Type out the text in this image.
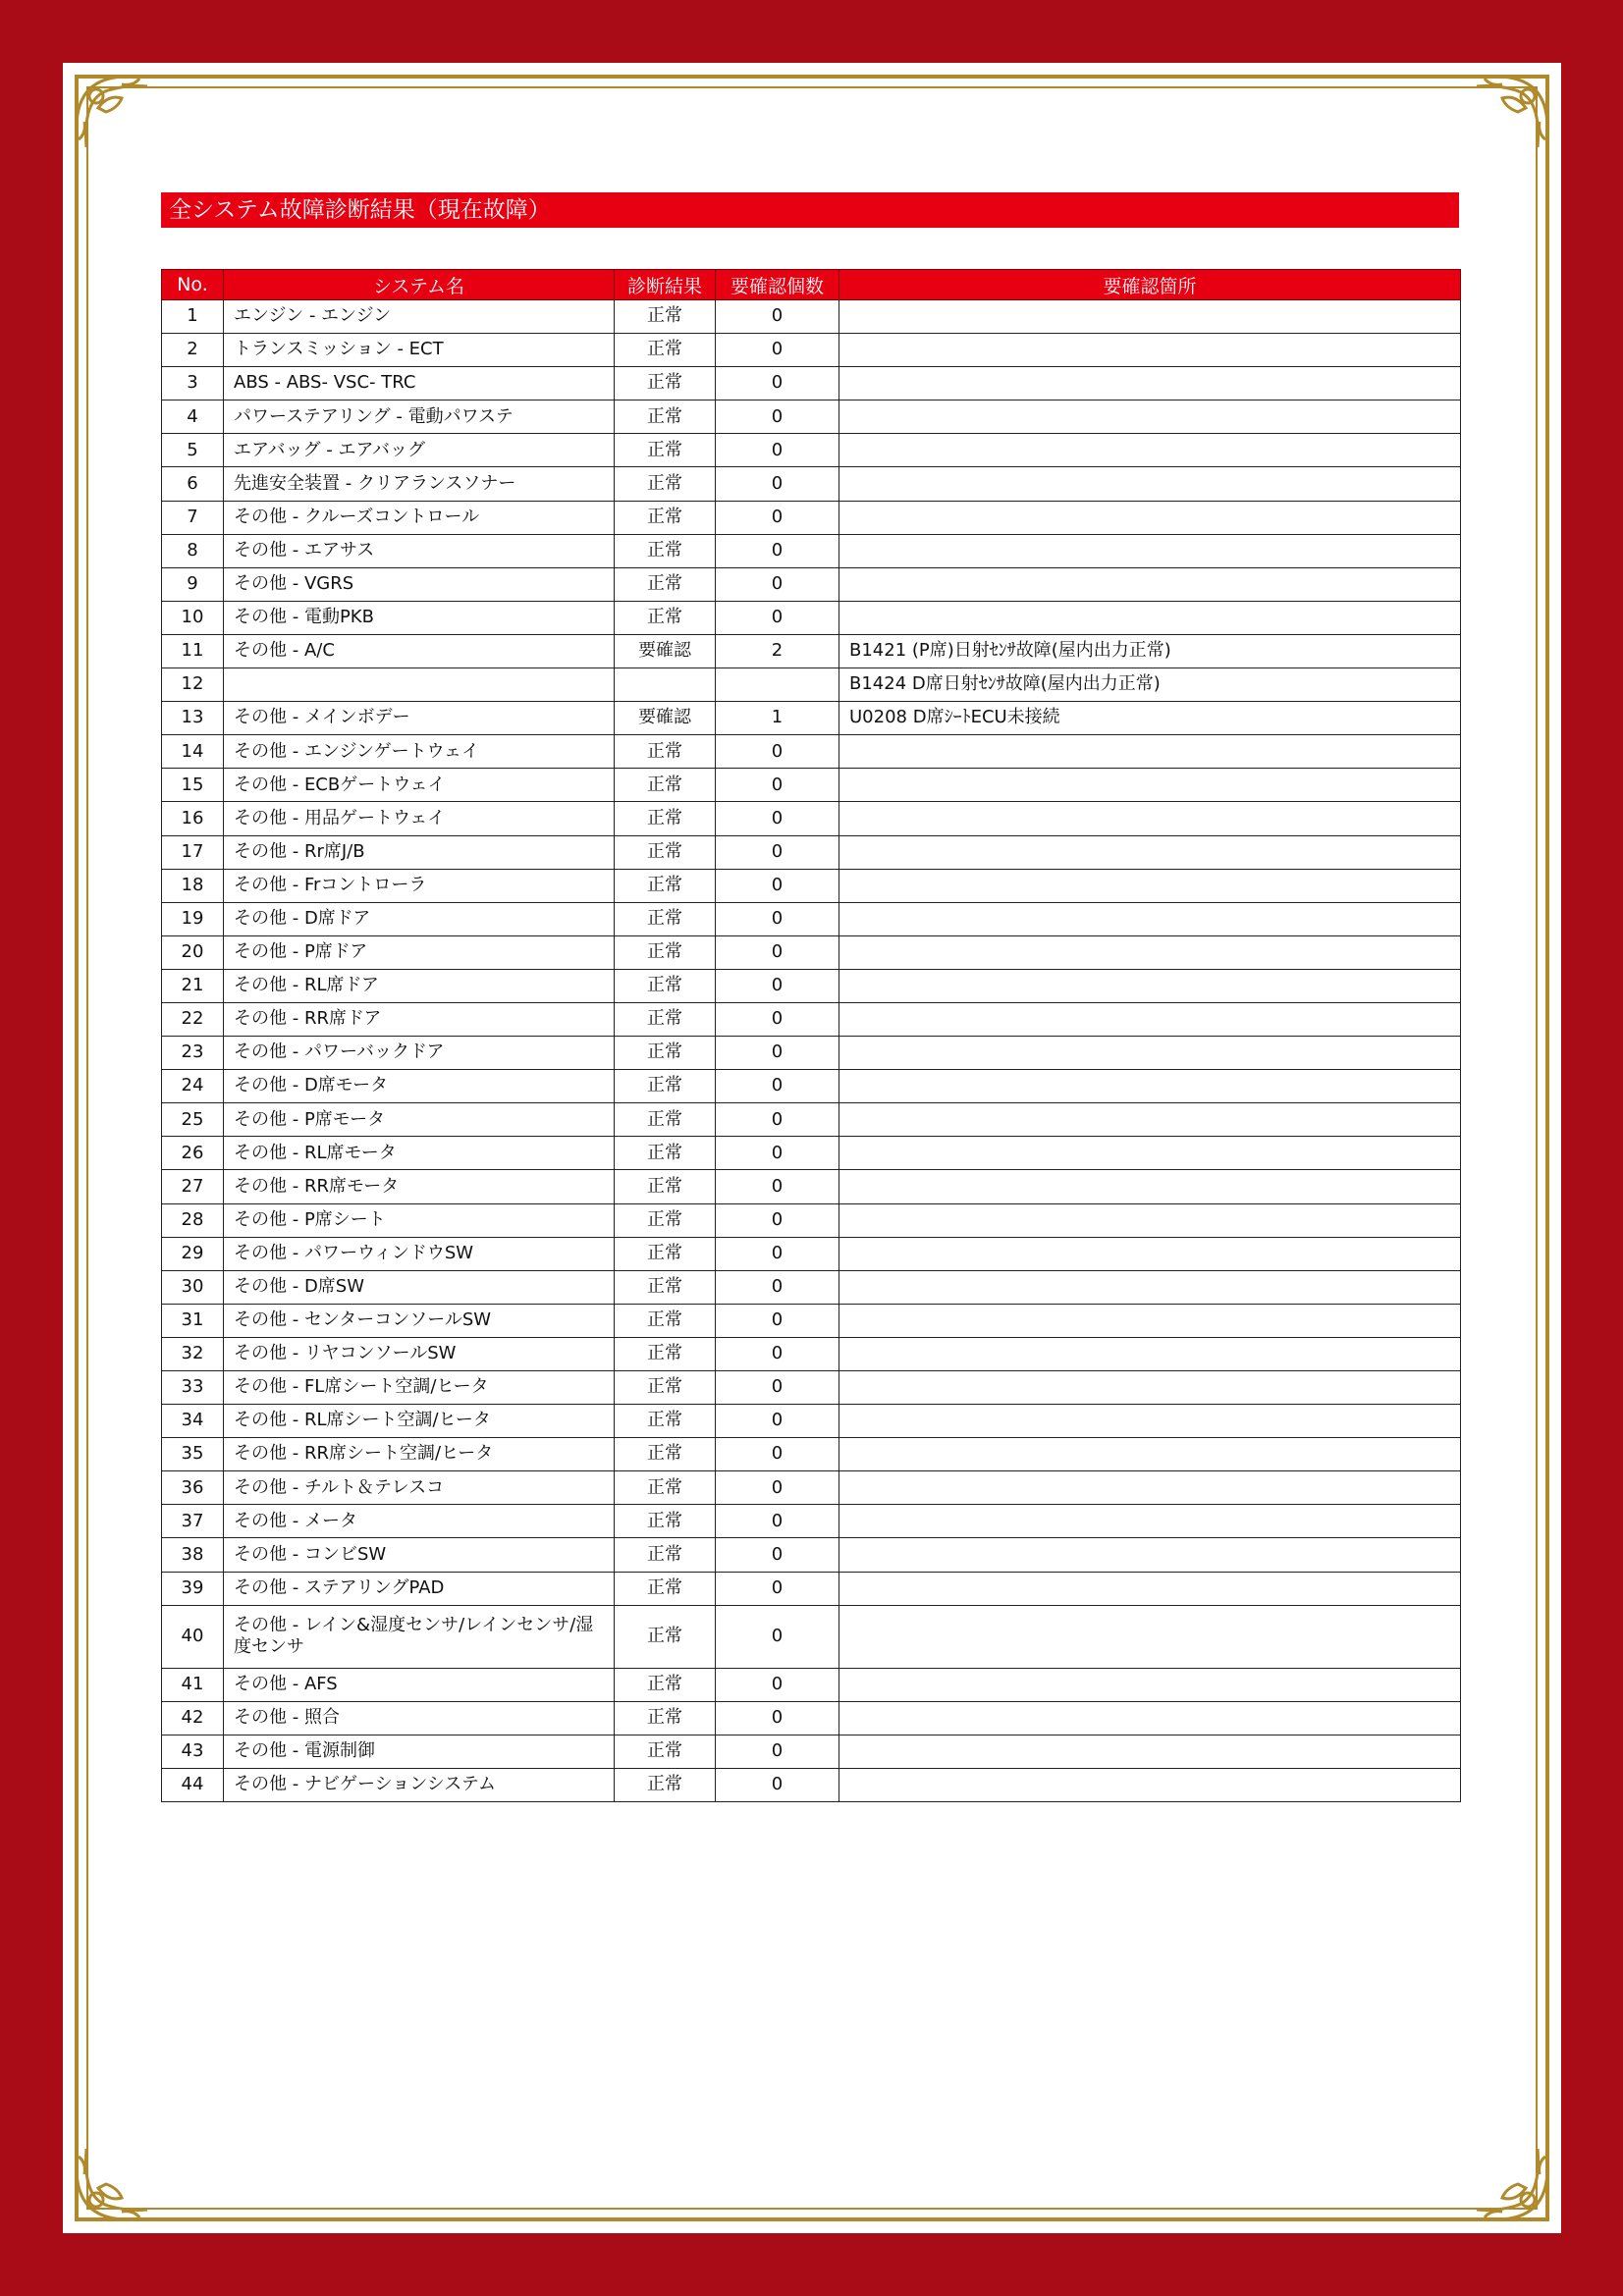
全システム故障診断結果（現在故障）
No.	システム名	診断結果	要確認個数	要確認箇所
1	エンジン - エンジン	正常	0	
2	トランスミッション - ECT	正常	0	
3	ABS - ABS- VSC- TRC	正常	0	
4	パワーステアリング - 電動パワステ	正常	0	
5	エアバッグ - エアバッグ	正常	0	
6	先進安全装置 - クリアランスソナー	正常	0	
7	その他 - クルーズコントロール	正常	0	
8	その他 - エアサス	正常	0	
9	その他 - VGRS	正常	0	
10	その他 - 電動PKB	正常	0	
11	その他 - A/C	要確認	2	B1421 (P席)日射ｾﾝｻ故障(屋内出力正常)
12				B1424 D席日射ｾﾝｻ故障(屋内出力正常)
13	その他 - メインボデー	要確認	1	U0208 D席ｼｰﾄECU未接続
14	その他 - エンジンゲートウェイ	正常	0	
15	その他 - ECBゲートウェイ	正常	0	
16	その他 - 用品ゲートウェイ	正常	0	
17	その他 - Rr席J/B	正常	0	
18	その他 - Frコントローラ	正常	0	
19	その他 - D席ドア	正常	0	
20	その他 - P席ドア	正常	0	
21	その他 - RL席ドア	正常	0	
22	その他 - RR席ドア	正常	0	
23	その他 - パワーバックドア	正常	0	
24	その他 - D席モータ	正常	0	
25	その他 - P席モータ	正常	0	
26	その他 - RL席モータ	正常	0	
27	その他 - RR席モータ	正常	0	
28	その他 - P席シート	正常	0	
29	その他 - パワーウィンドウSW	正常	0	
30	その他 - D席SW	正常	0	
31	その他 - センターコンソールSW	正常	0	
32	その他 - リヤコンソールSW	正常	0	
33	その他 - FL席シート空調/ヒータ	正常	0	
34	その他 - RL席シート空調/ヒータ	正常	0	
35	その他 - RR席シート空調/ヒータ	正常	0	
36	その他 - チルト＆テレスコ	正常	0	
37	その他 - メータ	正常	0	
38	その他 - コンビSW	正常	0	
39	その他 - ステアリングPAD	正常	0	
40	その他 - レイン&湿度センサ/レインセンサ/湿度センサ	正常	0	
41	その他 - AFS	正常	0	
42	その他 - 照合	正常	0	
43	その他 - 電源制御	正常	0	
44	その他 - ナビゲーションシステム	正常	0	
